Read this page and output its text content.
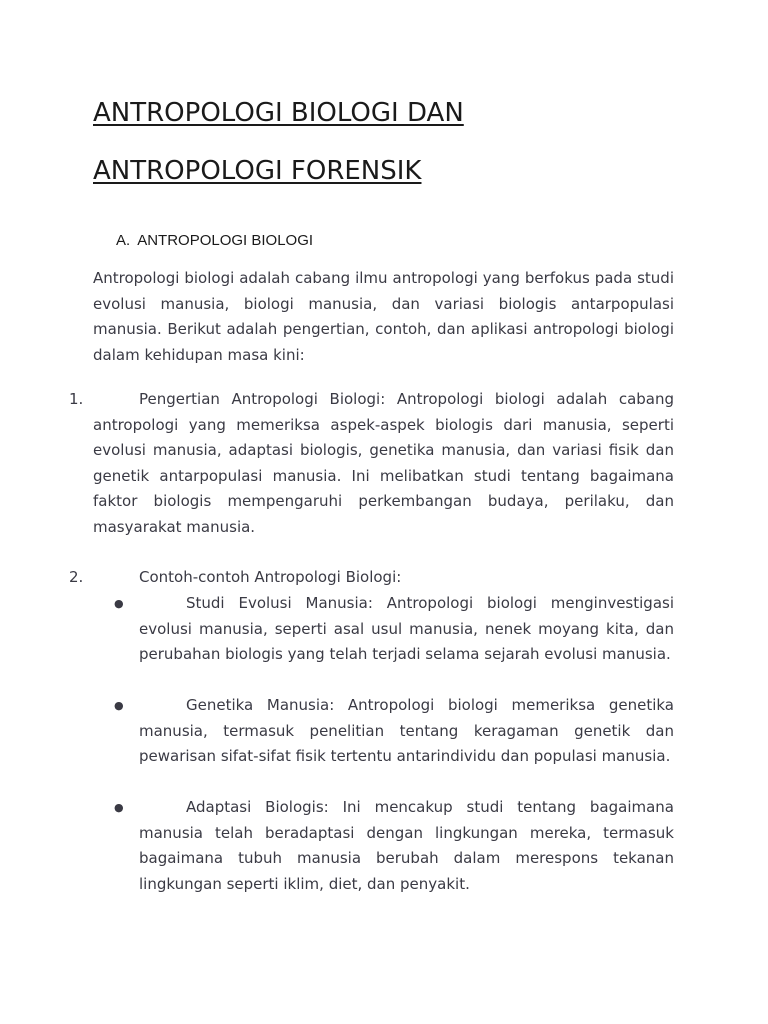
ANTROPOLOGI BIOLOGI DAN
ANTROPOLOGI FORENSIK
A. ANTROPOLOGI BIOLOGI

Antropologi biologi adalah cabang ilmu antropologi yang berfokus pada studi evolusi manusia, biologi manusia, dan variasi biologis antarpopulasi manusia. Berikut adalah pengertian, contoh, dan aplikasi antropologi biologi dalam kehidupan masa kini:

1.	Pengertian Antropologi Biologi: Antropologi biologi adalah cabang antropologi yang memeriksa aspek-aspek biologis dari manusia, seperti evolusi manusia, adaptasi biologis, genetika manusia, dan variasi fisik dan genetik antarpopulasi manusia. Ini melibatkan studi tentang bagaimana faktor biologis mempengaruhi perkembangan budaya, perilaku, dan masyarakat manusia.

2.	Contoh-contoh Antropologi Biologi:

●	Studi Evolusi Manusia: Antropologi biologi menginvestigasi evolusi manusia, seperti asal usul manusia, nenek moyang kita, dan perubahan biologis yang telah terjadi selama sejarah evolusi manusia.

●	Genetika Manusia: Antropologi biologi memeriksa genetika manusia, termasuk penelitian tentang keragaman genetik dan pewarisan sifat-sifat fisik tertentu antarindividu dan populasi manusia.

●	Adaptasi Biologis: Ini mencakup studi tentang bagaimana manusia telah beradaptasi dengan lingkungan mereka, termasuk bagaimana tubuh manusia berubah dalam merespons tekanan lingkungan seperti iklim, diet, dan penyakit.
